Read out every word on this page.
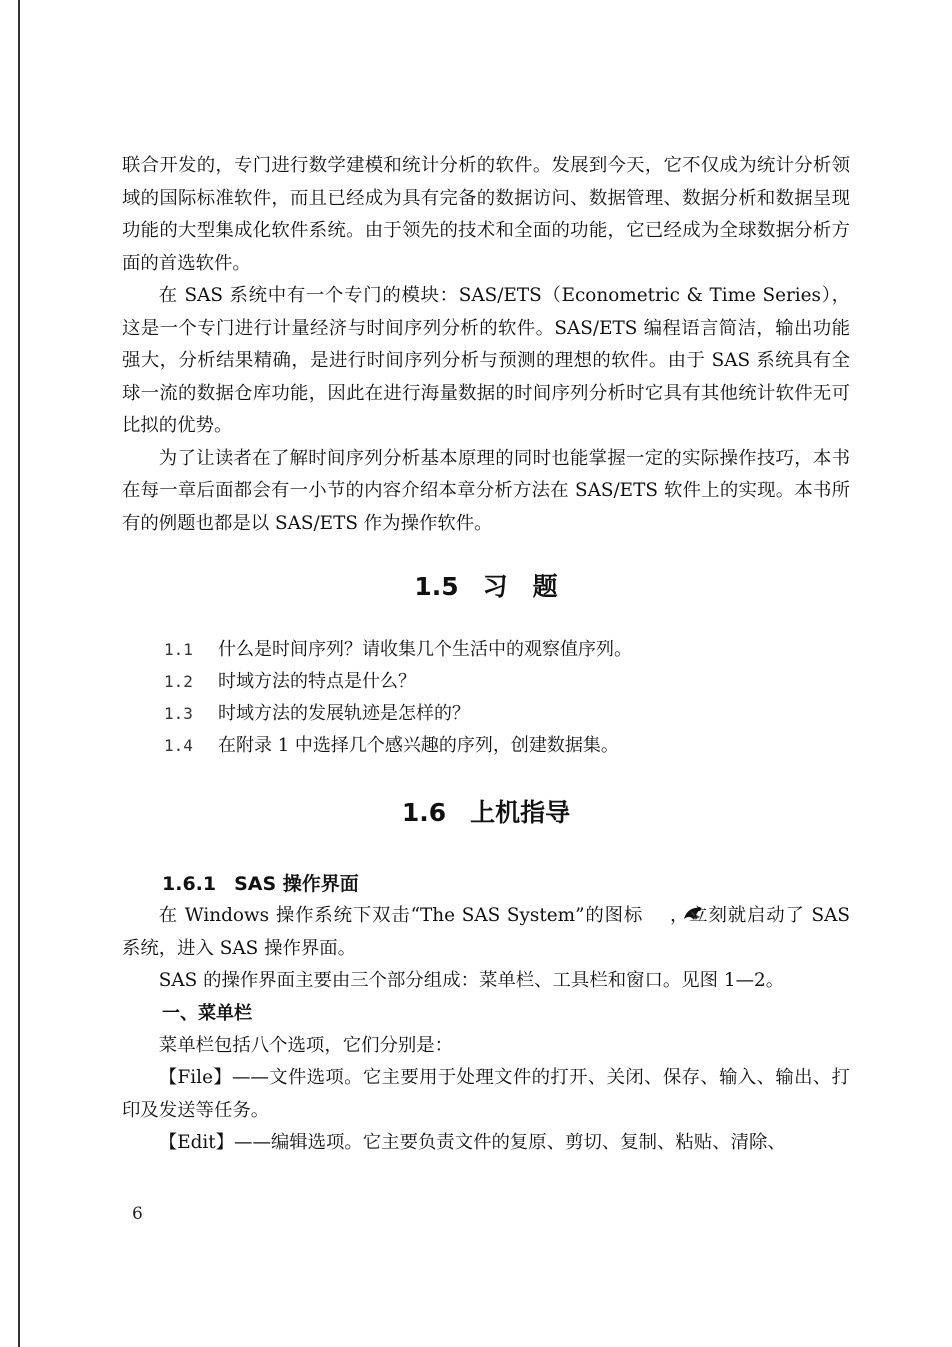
联合开发的，专门进行数学建模和统计分析的软件。发展到今天，它不仅成为统计分析领域的国际标准软件，而且已经成为具有完备的数据访问、数据管理、数据分析和数据呈现功能的大型集成化软件系统。由于领先的技术和全面的功能，它已经成为全球数据分析方面的首选软件。

在 SAS 系统中有一个专门的模块：SAS/ETS（Econometric & Time Series），这是一个专门进行计量经济与时间序列分析的软件。SAS/ETS 编程语言简洁，输出功能强大，分析结果精确，是进行时间序列分析与预测的理想的软件。由于 SAS 系统具有全球一流的数据仓库功能，因此在进行海量数据的时间序列分析时它具有其他统计软件无可比拟的优势。

为了让读者在了解时间序列分析基本原理的同时也能掌握一定的实际操作技巧，本书在每一章后面都会有一小节的内容介绍本章分析方法在 SAS/ETS 软件上的实现。本书所有的例题也都是以 SAS/ETS 作为操作软件。

1.5 习　题
1.1	什么是时间序列？请收集几个生活中的观察值序列。
1.2	时域方法的特点是什么？
1.3	时域方法的发展轨迹是怎样的？
1.4	在附录 1 中选择几个感兴趣的序列，创建数据集。
1.6 上机指导
1.6.1 SAS 操作界面

在 Windows 操作系统下双击“The SAS System”的图标 ，立刻就启动了 SAS 系统，进入 SAS 操作界面。

SAS 的操作界面主要由三个部分组成：菜单栏、工具栏和窗口。见图 1—2。

一、菜单栏

菜单栏包括八个选项，它们分别是：

【File】——文件选项。它主要用于处理文件的打开、关闭、保存、输入、输出、打印及发送等任务。

【Edit】——编辑选项。它主要负责文件的复原、剪切、复制、粘贴、清除、

6
